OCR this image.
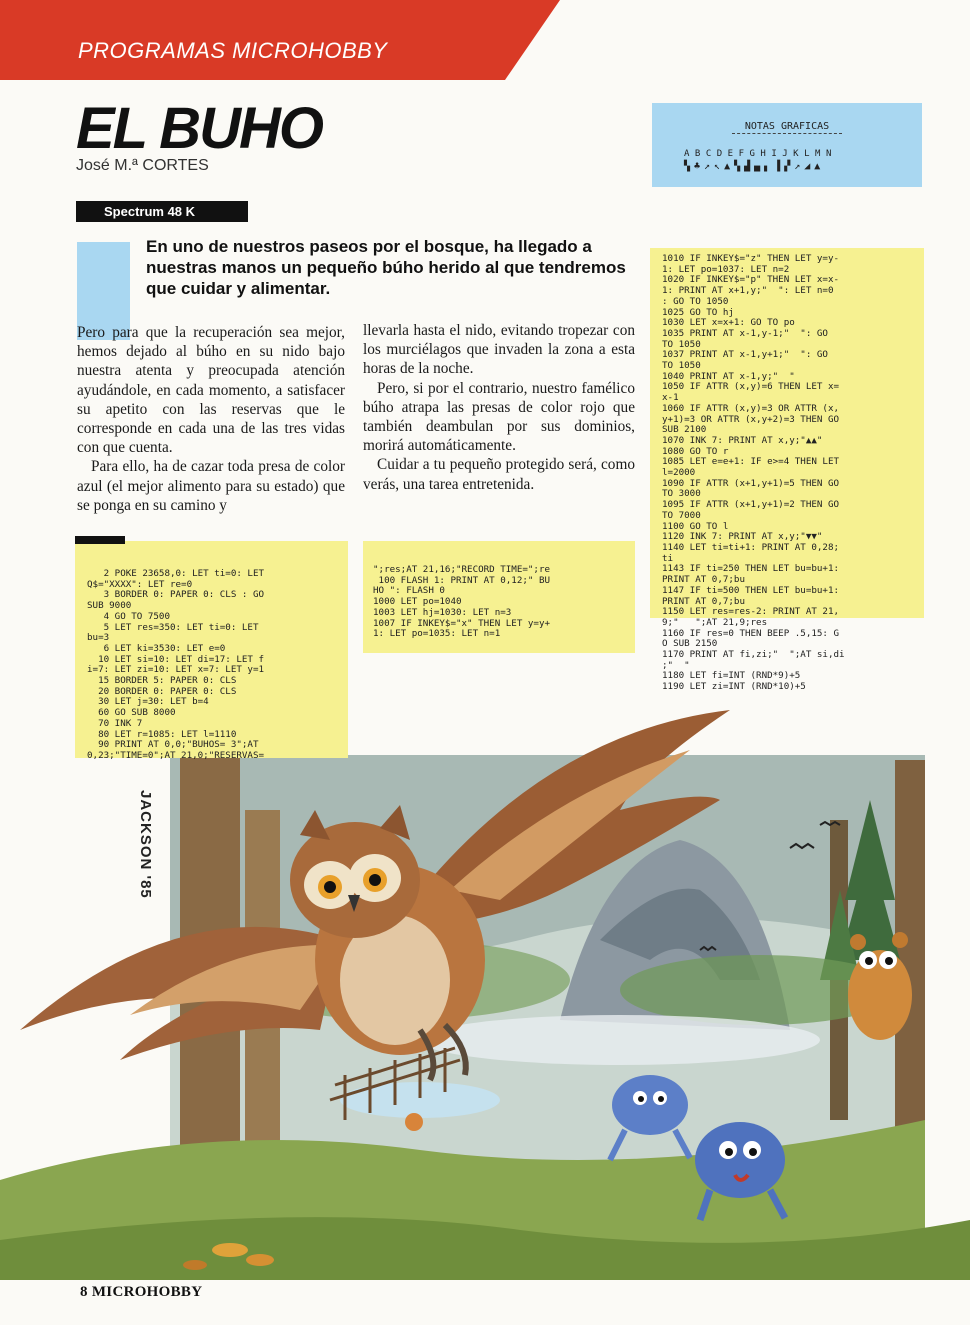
PROGRAMAS MICROHOBBY
EL BUHO
José M.ª CORTES
Spectrum 48 K
NOTAS GRAFICAS
ABCDEFGHIJKLMN
▚♣↗↖▲▚▟▄▖▐▞↗◢▲
En uno de nuestros paseos por el bosque, ha llegado a nuestras manos un pequeño búho herido al que tendremos que cuidar y alimentar.

Pero para que la recuperación sea mejor, hemos dejado al búho en su nido bajo nuestra atenta y preocupada atención ayudándole, en cada momento, a satisfacer su apetito con las reservas que le corresponde en cada una de las tres vidas con que cuenta.

Para ello, ha de cazar toda presa de color azul (el mejor alimento para su estado) que se ponga en su camino y

llevarla hasta el nido, evitando tropezar con los murciélagos que invaden la zona a esta horas de la noche.

Pero, si por el contrario, nuestro famélico búho atrapa las presas de color rojo que también deambulan por sus dominios, morirá automáticamente.

Cuidar a tu pequeño protegido será, como verás, una tarea entretenida.

JACKSON '85
2 POKE 23658,0: LET ti=0: LET
Q$="XXXX": LET re=0
3 BORDER 0: PAPER 0: CLS : GO
SUB 9000
4 GO TO 7500
5 LET res=350: LET ti=0: LET
bu=3
6 LET ki=3530: LET e=0
10 LET si=10: LET di=17: LET f
i=7: LET zi=10: LET x=7: LET y=1
15 BORDER 5: PAPER 0: CLS
20 BORDER 0: PAPER 0: CLS
30 LET j=30: LET b=4
60 GO SUB 8000
70 INK 7
80 LET r=1085: LET l=1110
90 PRINT AT 0,0;"BUHOS= 3";AT
0,23;"TIME=0";AT 21,0;"RESERVAS=
";res;AT 21,16;"RECORD TIME=";re
100 FLASH 1: PRINT AT 0,12;" BU
HO ": FLASH 0
1000 LET po=1040
1003 LET hj=1030: LET n=3
1007 IF INKEY$="x" THEN LET y=y+
1: LET po=1035: LET n=1
1010 IF INKEY$="z" THEN LET y=y-
1: LET po=1037: LET n=2
1020 IF INKEY$="p" THEN LET x=x-
1: PRINT AT x+1,y;"  ": LET n=0
: GO TO 1050
1025 GO TO hj
1030 LET x=x+1: GO TO po
1035 PRINT AT x-1,y-1;"  ": GO
TO 1050
1037 PRINT AT x-1,y+1;"  ": GO
TO 1050
1040 PRINT AT x-1,y;"  "
1050 IF ATTR (x,y)=6 THEN LET x=
x-1
1060 IF ATTR (x,y)=3 OR ATTR (x,
y+1)=3 OR ATTR (x,y+2)=3 THEN GO
SUB 2100
1070 INK 7: PRINT AT x,y;"▲▲"
1080 GO TO r
1085 LET e=e+1: IF e>=4 THEN LET
l=2000
1090 IF ATTR (x+1,y+1)=5 THEN GO
TO 3000
1095 IF ATTR (x+1,y+1)=2 THEN GO
TO 7000
1100 GO TO l
1120 INK 7: PRINT AT x,y;"▼▼"
1140 LET ti=ti+1: PRINT AT 0,28;
ti
1143 IF ti=250 THEN LET bu=bu+1:
PRINT AT 0,7;bu
1147 IF ti=500 THEN LET bu=bu+1:
PRINT AT 0,7;bu
1150 LET res=res-2: PRINT AT 21,
9;"   ";AT 21,9;res
1160 IF res=0 THEN BEEP .5,15: G
O SUB 2150
1170 PRINT AT fi,zi;"  ";AT si,di
;"  "
1180 LET fi=INT (RND*9)+5
1190 LET zi=INT (RND*10)+5
8 MICROHOBBY
